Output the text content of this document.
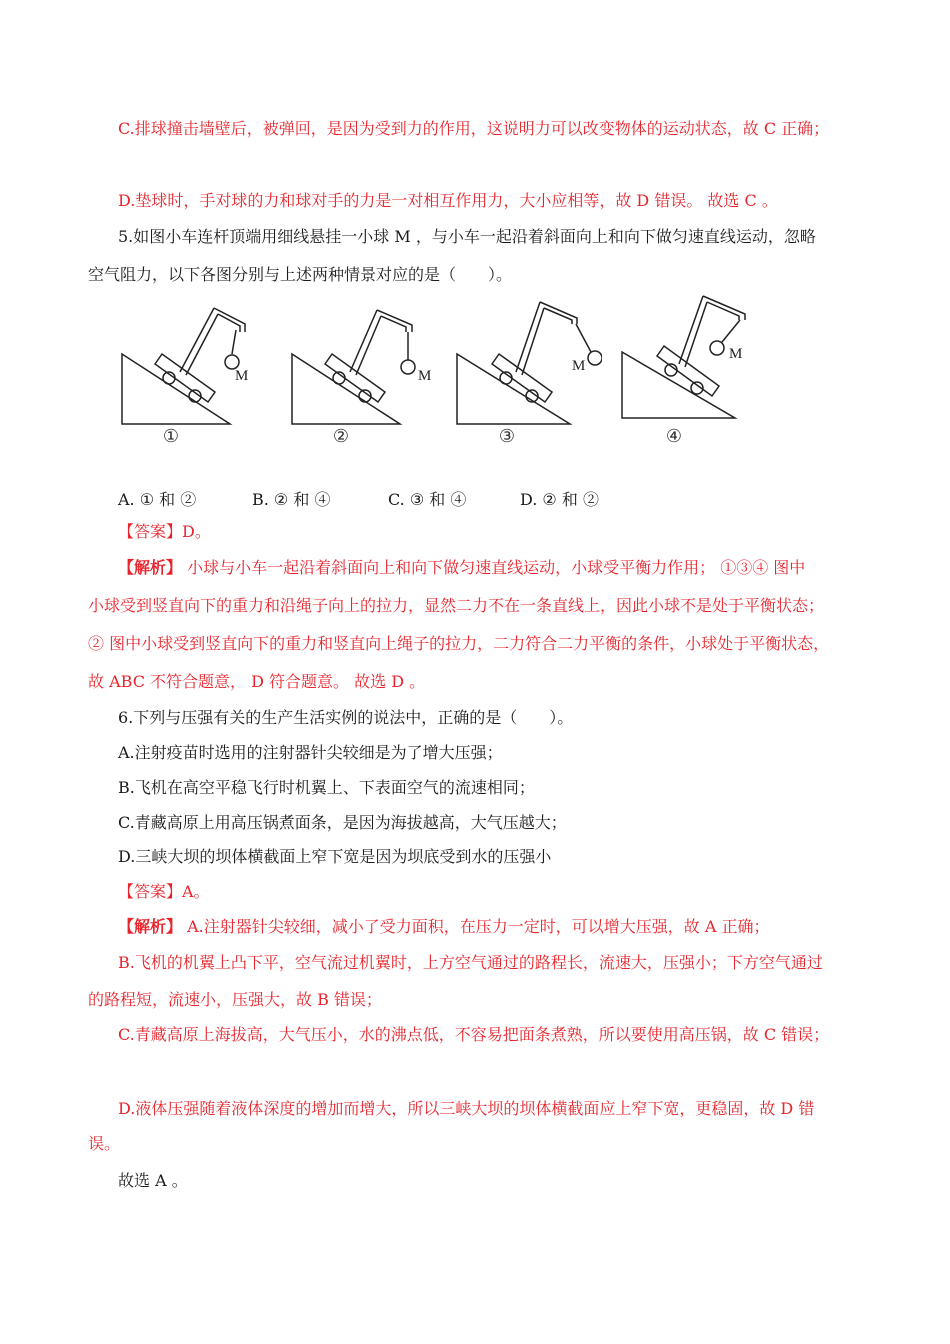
C.排球撞击墙壁后，被弹回，是因为受到力的作用，这说明力可以改变物体的运动状态，故 C 正确；
D.垫球时，手对球的力和球对手的力是一对相互作用力，大小应相等，故 D 错误。 故选 C 。
5.如图小车连杆顶端用细线悬挂一小球 M ，与小车一起沿着斜面向上和向下做匀速直线运动，忽略
空气阻力，以下各图分别与上述两种情景对应的是（　　）。
M
①
M
②
M
③
M
④
A. ① 和 ②	B. ② 和 ④	C. ③ 和 ④	D. ② 和 ②
【答案】D。
【解析】 小球与小车一起沿着斜面向上和向下做匀速直线运动，小球受平衡力作用； ①③④ 图中
小球受到竖直向下的重力和沿绳子向上的拉力，显然二力不在一条直线上，因此小球不是处于平衡状态；
② 图中小球受到竖直向下的重力和竖直向上绳子的拉力，二力符合二力平衡的条件，小球处于平衡状态，
故 ABC 不符合题意， D 符合题意。 故选 D 。
6.下列与压强有关的生产生活实例的说法中，正确的是（　　）。
A.注射疫苗时选用的注射器针尖较细是为了增大压强；
B.飞机在高空平稳飞行时机翼上、下表面空气的流速相同；
C.青藏高原上用高压锅煮面条，是因为海拔越高，大气压越大；
D.三峡大坝的坝体横截面上窄下宽是因为坝底受到水的压强小
【答案】A。
【解析】 A.注射器针尖较细，减小了受力面积，在压力一定时，可以增大压强，故 A 正确；
B.飞机的机翼上凸下平，空气流过机翼时，上方空气通过的路程长，流速大，压强小；下方空气通过
的路程短，流速小，压强大，故 B 错误；
C.青藏高原上海拔高，大气压小，水的沸点低，不容易把面条煮熟，所以要使用高压锅，故 C 错误；
D.液体压强随着液体深度的增加而增大，所以三峡大坝的坝体横截面应上窄下宽，更稳固，故 D 错
误。
故选 A 。
